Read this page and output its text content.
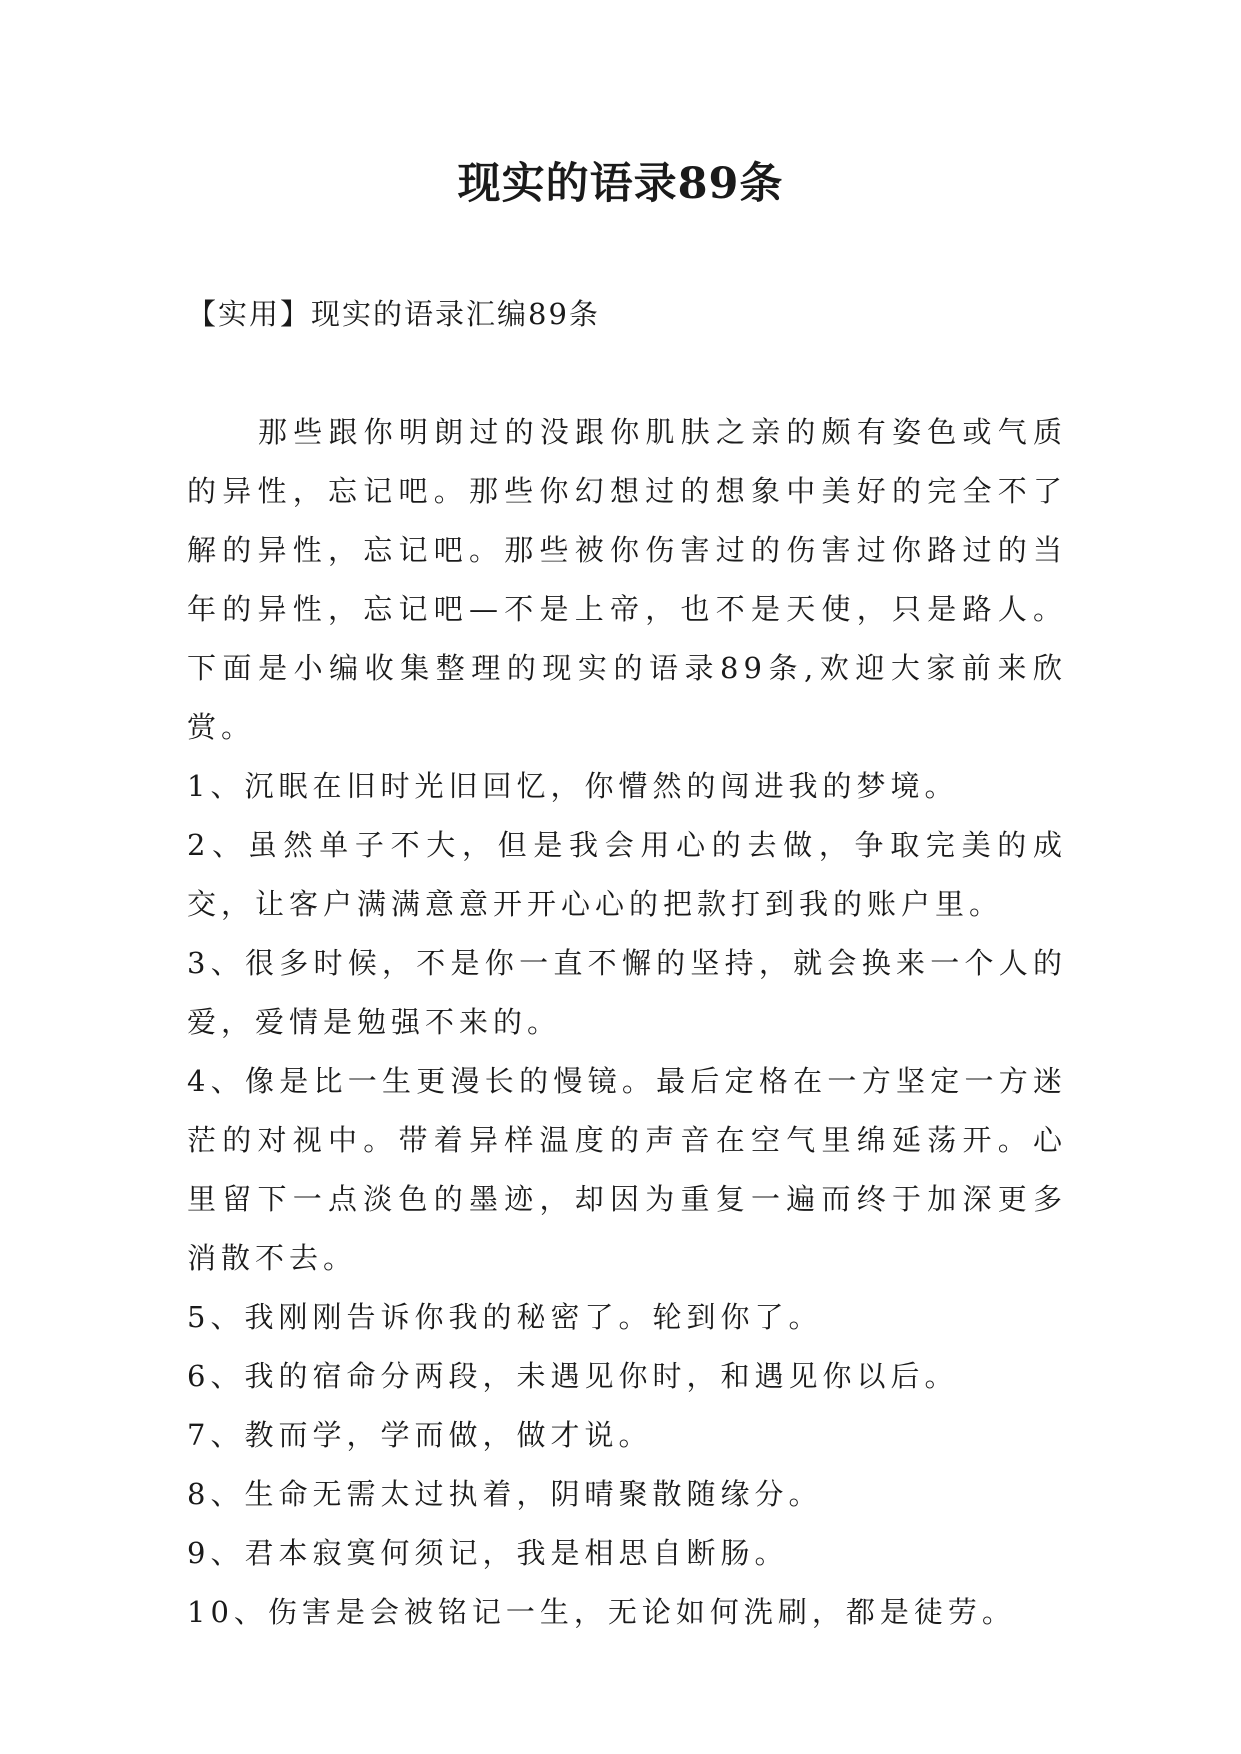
现实的语录89条

【实用】现实的语录汇编89条

那些跟你明朗过的没跟你肌肤之亲的颇有姿色或气质的异性，忘记吧。那些你幻想过的想象中美好的完全不了解的异性，忘记吧。那些被你伤害过的伤害过你路过的当年的异性，忘记吧—不是上帝，也不是天使，只是路人。下面是小编收集整理的现实的语录89条,欢迎大家前来欣赏。

1、沉眠在旧时光旧回忆，你懵然的闯进我的梦境。

2、虽然单子不大，但是我会用心的去做，争取完美的成交，让客户满满意意开开心心的把款打到我的账户里。

3、很多时候，不是你一直不懈的坚持，就会换来一个人的爱，爱情是勉强不来的。

4、像是比一生更漫长的慢镜。最后定格在一方坚定一方迷茫的对视中。带着异样温度的声音在空气里绵延荡开。心里留下一点淡色的墨迹，却因为重复一遍而终于加深更多消散不去。

5、我刚刚告诉你我的秘密了。轮到你了。

6、我的宿命分两段，未遇见你时，和遇见你以后。

7、教而学，学而做，做才说。

8、生命无需太过执着，阴晴聚散随缘分。

9、君本寂寞何须记，我是相思自断肠。

10、伤害是会被铭记一生，无论如何洗刷，都是徒劳。
